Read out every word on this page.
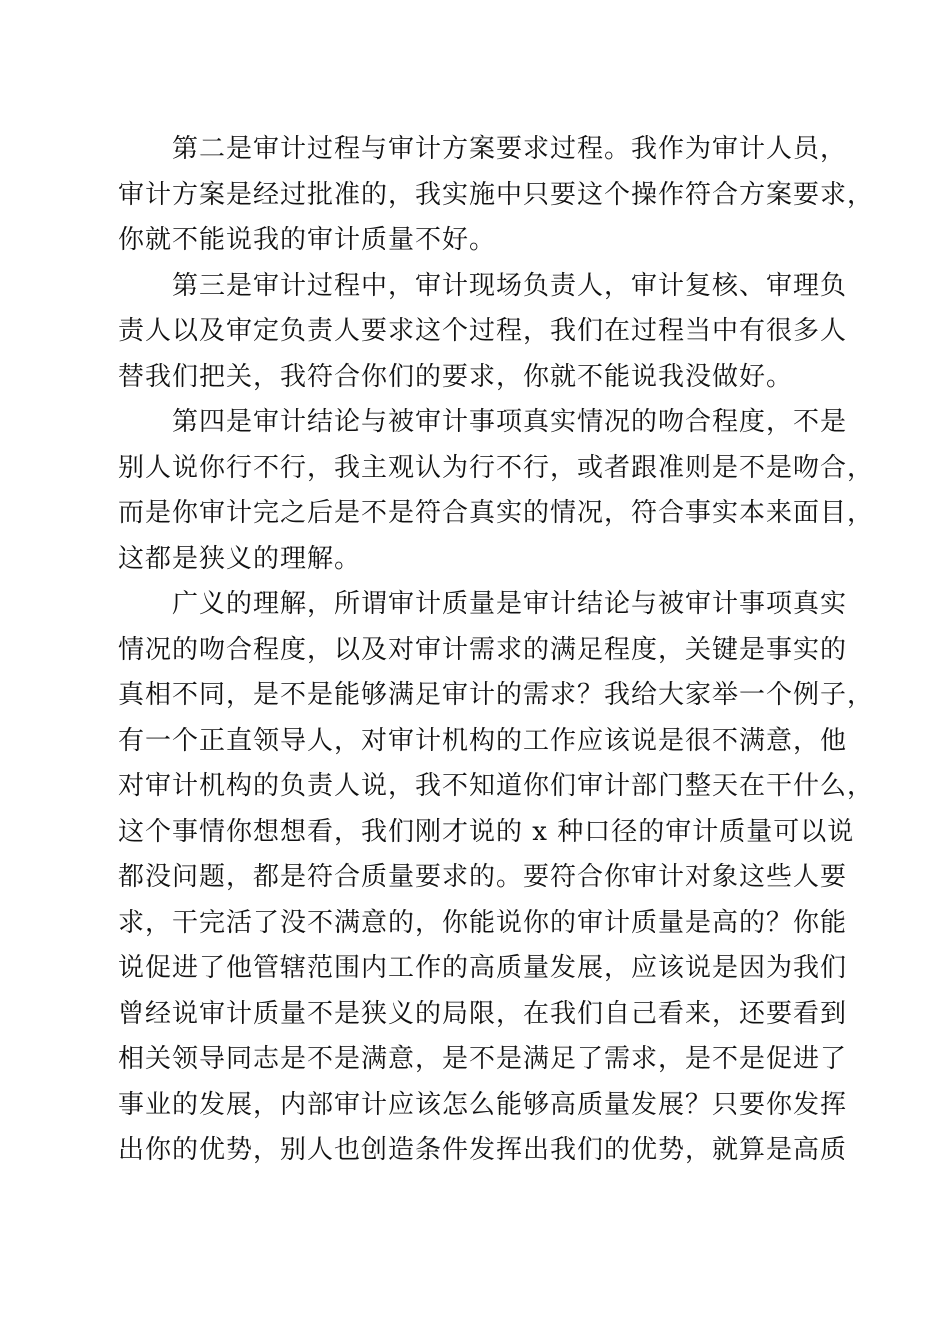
第二是审计过程与审计方案要求过程。我作为审计人员，
审计方案是经过批准的，我实施中只要这个操作符合方案要求，
你就不能说我的审计质量不好。
第三是审计过程中，审计现场负责人，审计复核、审理负
责人以及审定负责人要求这个过程，我们在过程当中有很多人
替我们把关，我符合你们的要求，你就不能说我没做好。
第四是审计结论与被审计事项真实情况的吻合程度，不是
别人说你行不行，我主观认为行不行，或者跟准则是不是吻合，
而是你审计完之后是不是符合真实的情况，符合事实本来面目，
这都是狭义的理解。
广义的理解，所谓审计质量是审计结论与被审计事项真实
情况的吻合程度，以及对审计需求的满足程度，关键是事实的
真相不同，是不是能够满足审计的需求？我给大家举一个例子，
有一个正直领导人，对审计机构的工作应该说是很不满意，他
对审计机构的负责人说，我不知道你们审计部门整天在干什么，
这个事情你想想看，我们刚才说的 x 种口径的审计质量可以说
都没问题，都是符合质量要求的。要符合你审计对象这些人要
求，干完活了没不满意的，你能说你的审计质量是高的？你能
说促进了他管辖范围内工作的高质量发展，应该说是因为我们
曾经说审计质量不是狭义的局限，在我们自己看来，还要看到
相关领导同志是不是满意，是不是满足了需求，是不是促进了
事业的发展，内部审计应该怎么能够高质量发展？只要你发挥
出你的优势，别人也创造条件发挥出我们的优势，就算是高质
